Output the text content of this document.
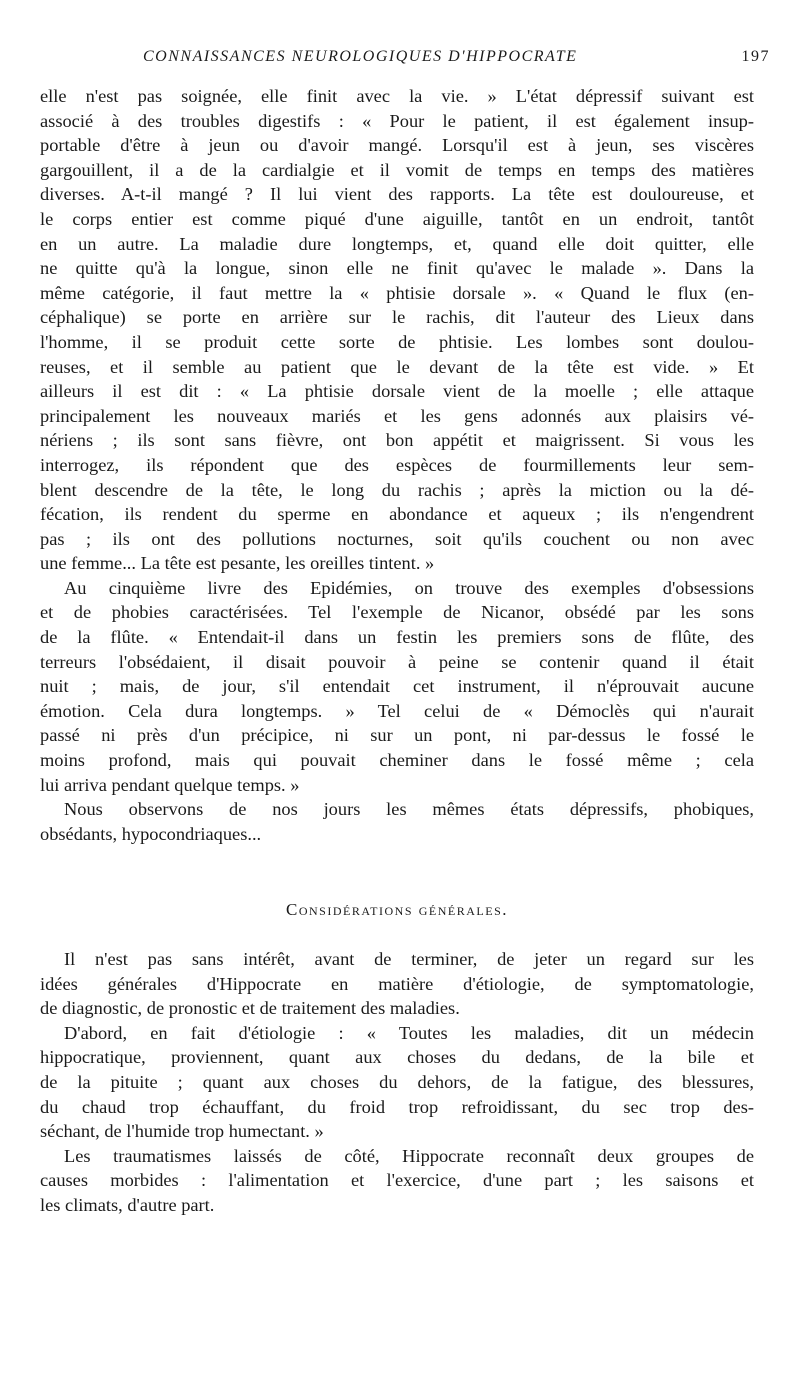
CONNAISSANCES NEUROLOGIQUES D'HIPPOCRATE	197
elle n'est pas soignée, elle finit avec la vie. » L'état dépressif suivant est
associé à des troubles digestifs : « Pour le patient, il est également insup-
portable d'être à jeun ou d'avoir mangé. Lorsqu'il est à jeun, ses viscères
gargouillent, il a de la cardialgie et il vomit de temps en temps des matières
diverses. A-t-il mangé ? Il lui vient des rapports. La tête est douloureuse, et
le corps entier est comme piqué d'une aiguille, tantôt en un endroit, tantôt
en un autre. La maladie dure longtemps, et, quand elle doit quitter, elle
ne quitte qu'à la longue, sinon elle ne finit qu'avec le malade ». Dans la
même catégorie, il faut mettre la « phtisie dorsale ». « Quand le flux (en-
céphalique) se porte en arrière sur le rachis, dit l'auteur des Lieux dans
l'homme, il se produit cette sorte de phtisie. Les lombes sont doulou-
reuses, et il semble au patient que le devant de la tête est vide. » Et
ailleurs il est dit : « La phtisie dorsale vient de la moelle ; elle attaque
principalement les nouveaux mariés et les gens adonnés aux plaisirs vé-
nériens ; ils sont sans fièvre, ont bon appétit et maigrissent. Si vous les
interrogez, ils répondent que des espèces de fourmillements leur sem-
blent descendre de la tête, le long du rachis ; après la miction ou la dé-
fécation, ils rendent du sperme en abondance et aqueux ; ils n'engendrent
pas ; ils ont des pollutions nocturnes, soit qu'ils couchent ou non avec
une femme... La tête est pesante, les oreilles tintent. »
Au cinquième livre des Epidémies, on trouve des exemples d'obsessions
et de phobies caractérisées. Tel l'exemple de Nicanor, obsédé par les sons
de la flûte. « Entendait-il dans un festin les premiers sons de flûte, des
terreurs l'obsédaient, il disait pouvoir à peine se contenir quand il était
nuit ; mais, de jour, s'il entendait cet instrument, il n'éprouvait aucune
émotion. Cela dura longtemps. » Tel celui de « Démoclès qui n'aurait
passé ni près d'un précipice, ni sur un pont, ni par-dessus le fossé le
moins profond, mais qui pouvait cheminer dans le fossé même ; cela
lui arriva pendant quelque temps. »
Nous observons de nos jours les mêmes états dépressifs, phobiques,
obsédants, hypocondriaques...
Considérations générales.
Il n'est pas sans intérêt, avant de terminer, de jeter un regard sur les
idées générales d'Hippocrate en matière d'étiologie, de symptomatologie,
de diagnostic, de pronostic et de traitement des maladies.
D'abord, en fait d'étiologie : « Toutes les maladies, dit un médecin
hippocratique, proviennent, quant aux choses du dedans, de la bile et
de la pituite ; quant aux choses du dehors, de la fatigue, des blessures,
du chaud trop échauffant, du froid trop refroidissant, du sec trop des-
séchant, de l'humide trop humectant. »
Les traumatismes laissés de côté, Hippocrate reconnaît deux groupes de
causes morbides : l'alimentation et l'exercice, d'une part ; les saisons et
les climats, d'autre part.
